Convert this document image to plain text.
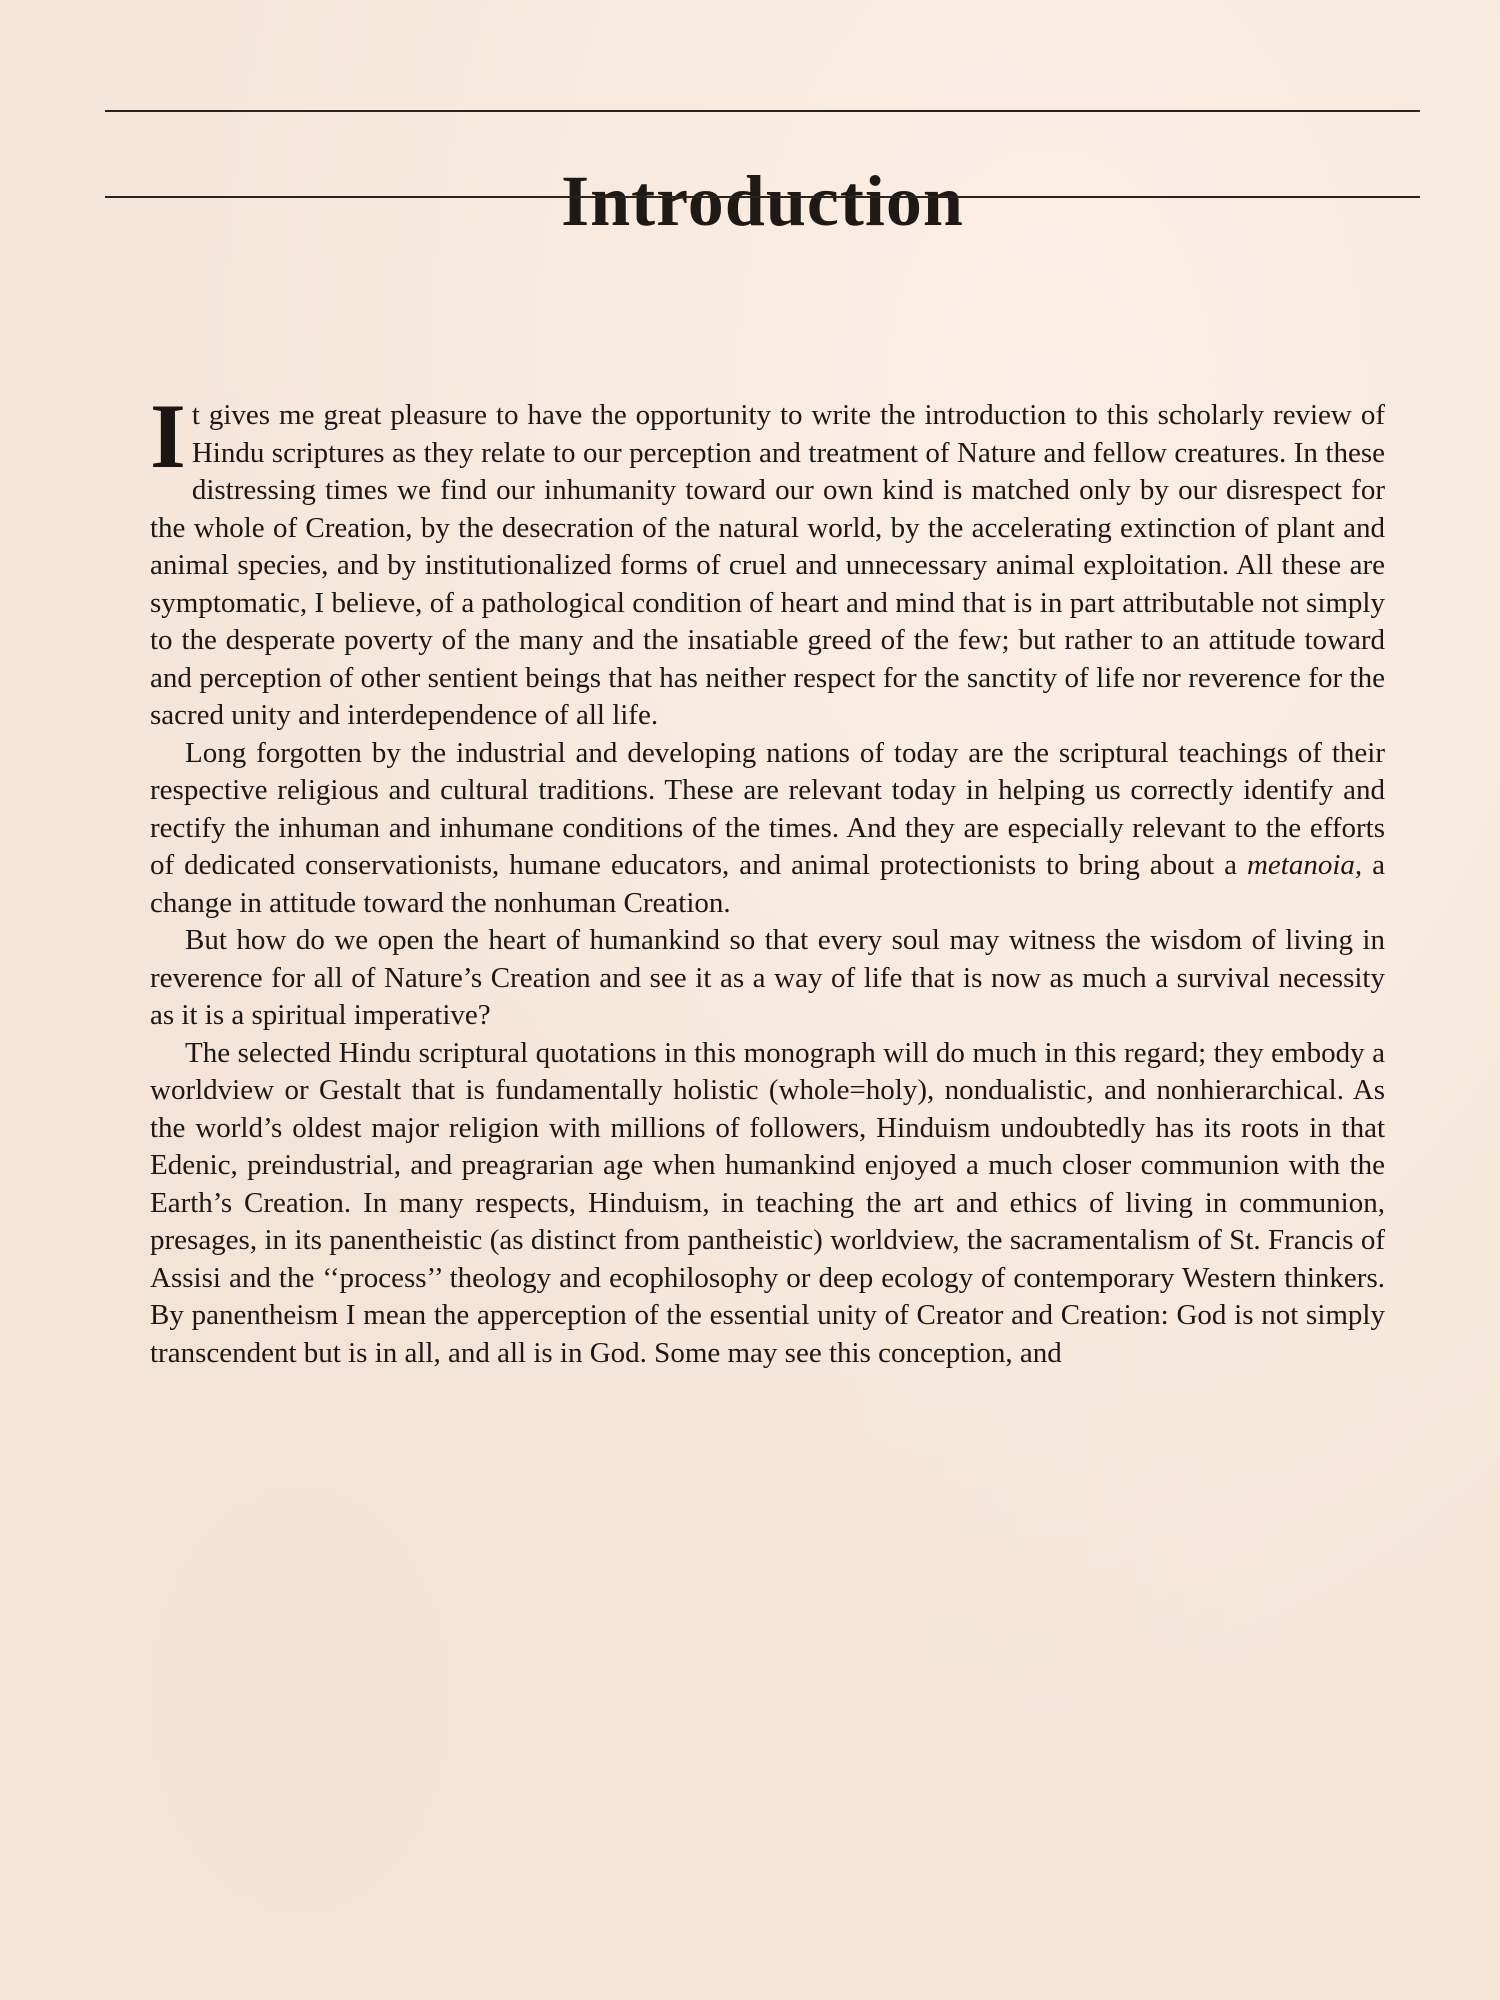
Introduction

It gives me great pleasure to have the opportunity to write the introduction to this scholarly review of Hindu scriptures as they relate to our perception and treatment of Nature and fellow creatures. In these distressing times we find our inhumanity toward our own kind is matched only by our disrespect for the whole of Creation, by the desecration of the natural world, by the accelerating extinction of plant and animal species, and by institutionalized forms of cruel and unnecessary animal exploitation. All these are symptomatic, I believe, of a pathological condition of heart and mind that is in part attributable not simply to the desperate poverty of the many and the insatiable greed of the few; but rather to an attitude toward and perception of other sentient beings that has neither respect for the sanctity of life nor reverence for the sacred unity and interdependence of all life.

Long forgotten by the industrial and developing nations of today are the scriptural teachings of their respective religious and cultural traditions. These are relevant today in helping us correctly identify and rectify the inhuman and inhumane conditions of the times. And they are especially relevant to the efforts of dedicated conservationists, humane educators, and animal protectionists to bring about a metanoia, a change in attitude toward the nonhuman Creation.

But how do we open the heart of humankind so that every soul may witness the wisdom of living in reverence for all of Nature’s Creation and see it as a way of life that is now as much a survival necessity as it is a spiritual imperative?

The selected Hindu scriptural quotations in this monograph will do much in this regard; they embody a worldview or Gestalt that is fundamentally holistic (whole=holy), nondualistic, and nonhierarchical. As the world’s oldest major religion with millions of followers, Hinduism undoubtedly has its roots in that Edenic, preindustrial, and preagrarian age when humankind enjoyed a much closer communion with the Earth’s Creation. In many respects, Hinduism, in teaching the art and ethics of living in communion, presages, in its panentheistic (as distinct from pantheistic) worldview, the sacramentalism of St. Francis of Assisi and the ‘‘process’’ theology and ecophilosophy or deep ecology of contemporary Western thinkers. By panentheism I mean the apperception of the essential unity of Creator and Creation: God is not simply transcendent but is in all, and all is in God. Some may see this conception, and
